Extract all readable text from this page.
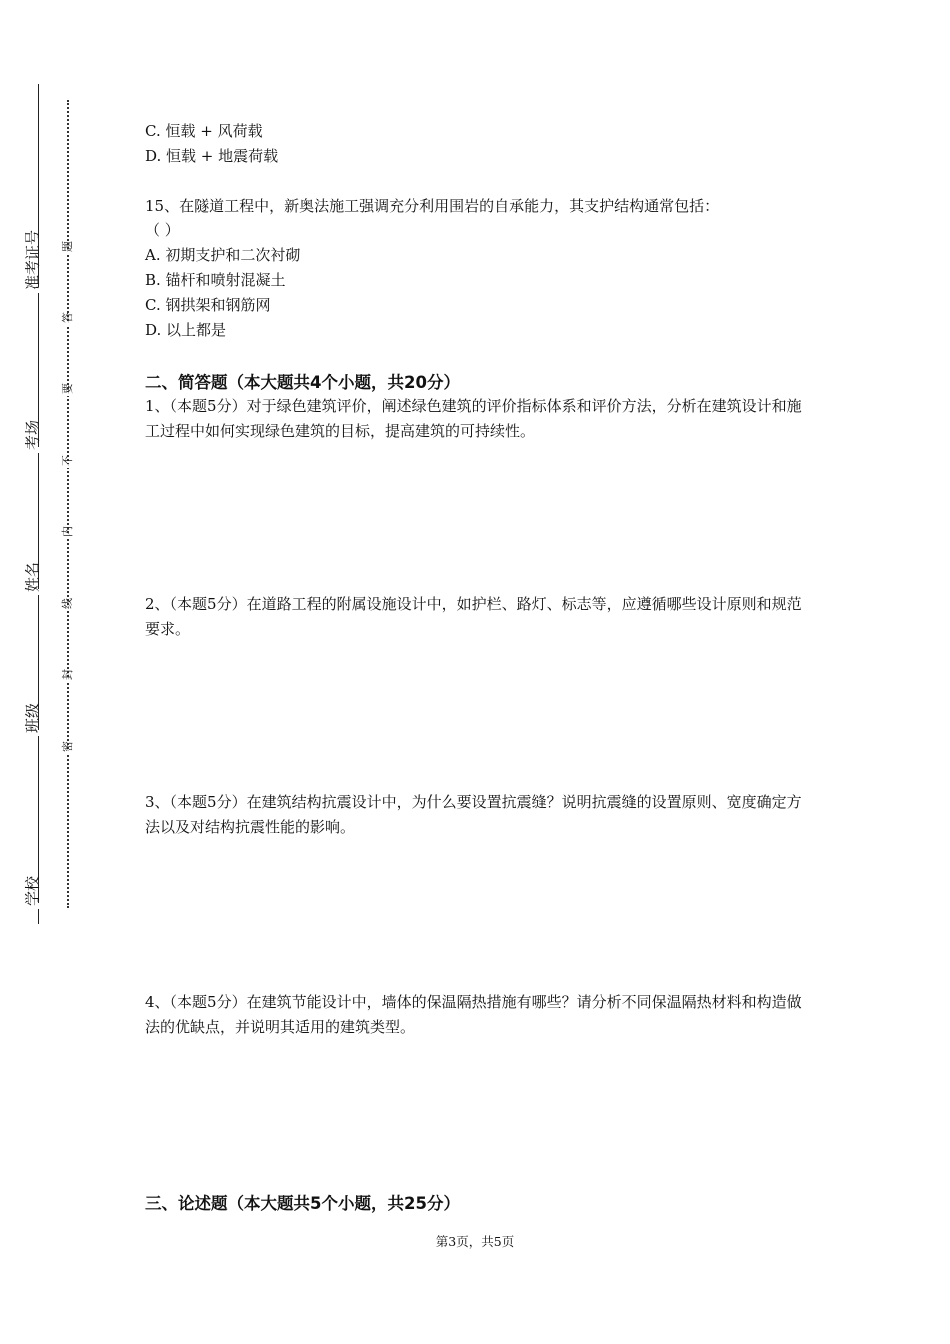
准考证号
考场
姓名
班级
学校
题
答
要
不
内
线
封
密
C. 恒载 + 风荷载
D. 恒载 + 地震荷载
15、在隧道工程中，新奥法施工强调充分利用围岩的自承能力，其支护结构通常包括：
（ ）
A. 初期支护和二次衬砌
B. 锚杆和喷射混凝土
C. 钢拱架和钢筋网
D. 以上都是
二、简答题（本大题共4个小题，共20分）
1、（本题5分）对于绿色建筑评价，阐述绿色建筑的评价指标体系和评价方法，分析在建筑设计和施工过程中如何实现绿色建筑的目标，提高建筑的可持续性。
2、（本题5分）在道路工程的附属设施设计中，如护栏、路灯、标志等，应遵循哪些设计原则和规范要求。
3、（本题5分）在建筑结构抗震设计中，为什么要设置抗震缝？说明抗震缝的设置原则、宽度确定方法以及对结构抗震性能的影响。
4、（本题5分）在建筑节能设计中，墙体的保温隔热措施有哪些？请分析不同保温隔热材料和构造做法的优缺点，并说明其适用的建筑类型。
三、论述题（本大题共5个小题，共25分）
第3页，共5页
